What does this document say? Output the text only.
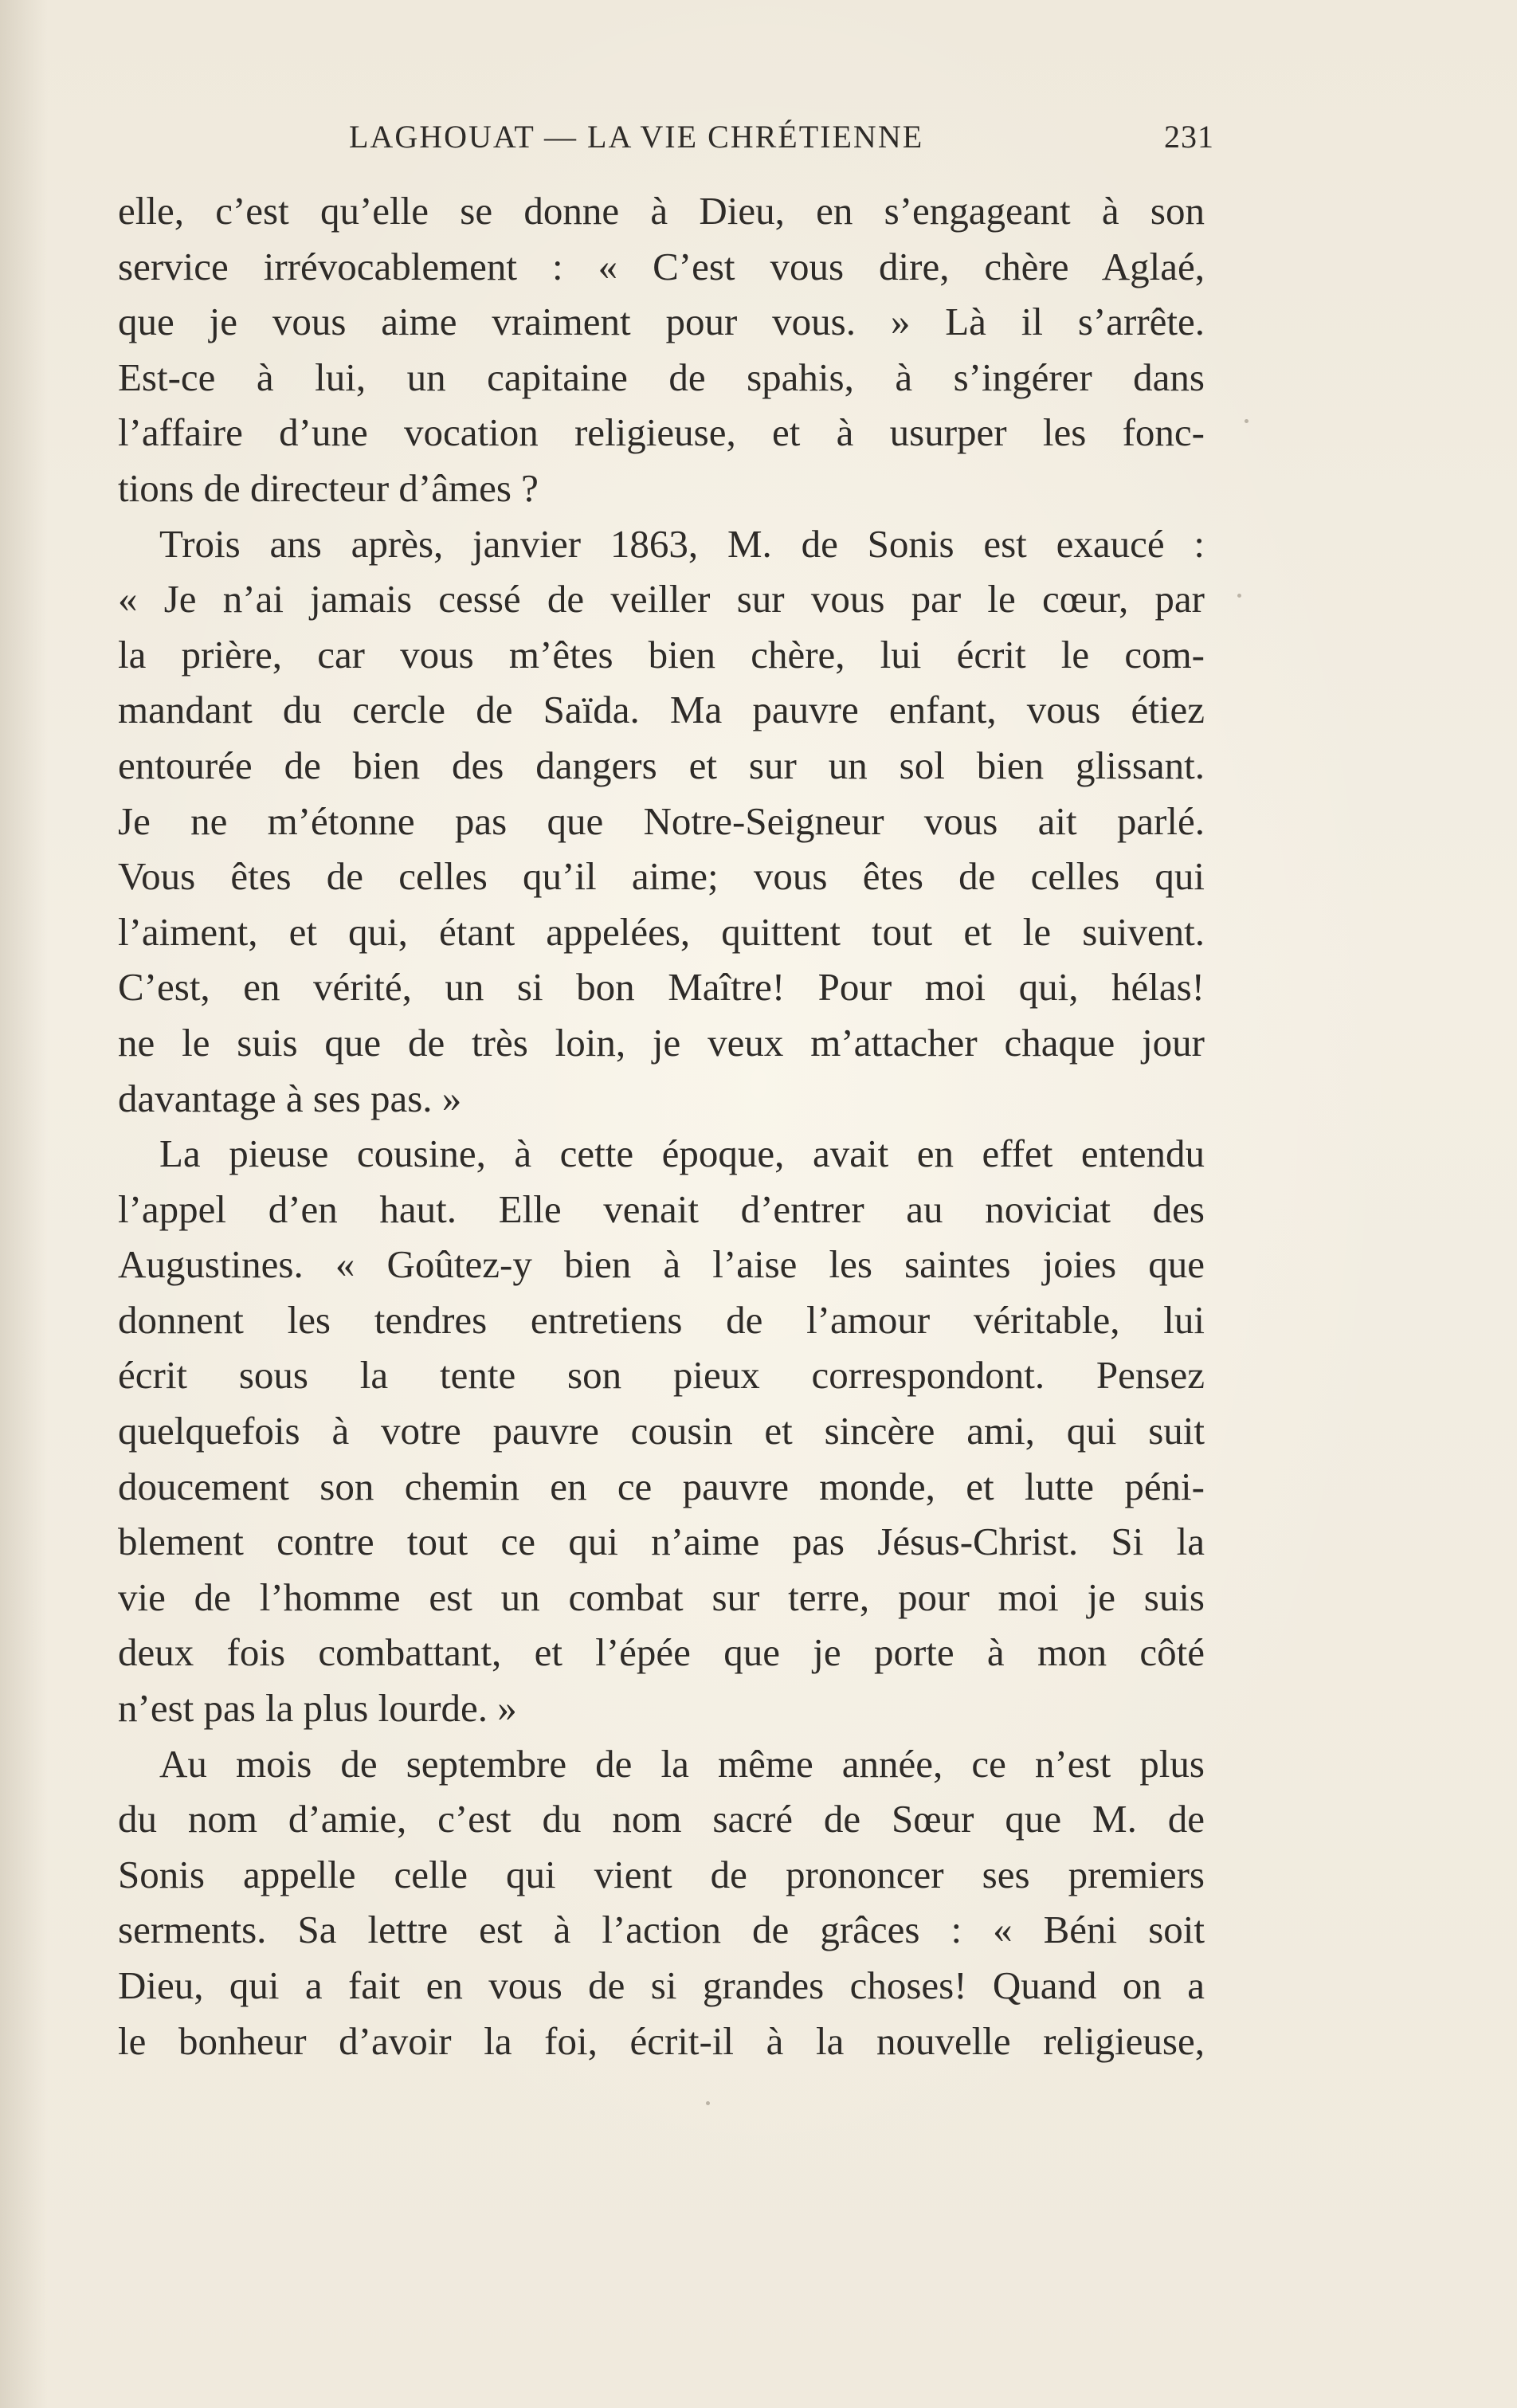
LAGHOUAT — LA VIE CHRÉTIENNE	231
elle, c’est qu’elle se donne à Dieu, en s’engageant à son
service irrévocablement : « C’est vous dire, chère Aglaé,
que je vous aime vraiment pour vous. » Là il s’arrête.
Est-ce à lui, un capitaine de spahis, à s’ingérer dans
l’affaire d’une vocation religieuse, et à usurper les fonc-
tions de directeur d’âmes ?
Trois ans après, janvier 1863, M. de Sonis est exaucé :
« Je n’ai jamais cessé de veiller sur vous par le cœur, par
la prière, car vous m’êtes bien chère, lui écrit le com-
mandant du cercle de Saïda. Ma pauvre enfant, vous étiez
entourée de bien des dangers et sur un sol bien glissant.
Je ne m’étonne pas que Notre-Seigneur vous ait parlé.
Vous êtes de celles qu’il aime; vous êtes de celles qui
l’aiment, et qui, étant appelées, quittent tout et le suivent.
C’est, en vérité, un si bon Maître! Pour moi qui, hélas!
ne le suis que de très loin, je veux m’attacher chaque jour
davantage à ses pas. »
La pieuse cousine, à cette époque, avait en effet entendu
l’appel d’en haut. Elle venait d’entrer au noviciat des
Augustines. « Goûtez-y bien à l’aise les saintes joies que
donnent les tendres entretiens de l’amour véritable, lui
écrit sous la tente son pieux correspondont. Pensez
quelquefois à votre pauvre cousin et sincère ami, qui suit
doucement son chemin en ce pauvre monde, et lutte péni-
blement contre tout ce qui n’aime pas Jésus-Christ. Si la
vie de l’homme est un combat sur terre, pour moi je suis
deux fois combattant, et l’épée que je porte à mon côté
n’est pas la plus lourde. »
Au mois de septembre de la même année, ce n’est plus
du nom d’amie, c’est du nom sacré de Sœur que M. de
Sonis appelle celle qui vient de prononcer ses premiers
serments. Sa lettre est à l’action de grâces : « Béni soit
Dieu, qui a fait en vous de si grandes choses! Quand on a
le bonheur d’avoir la foi, écrit-il à la nouvelle religieuse,
